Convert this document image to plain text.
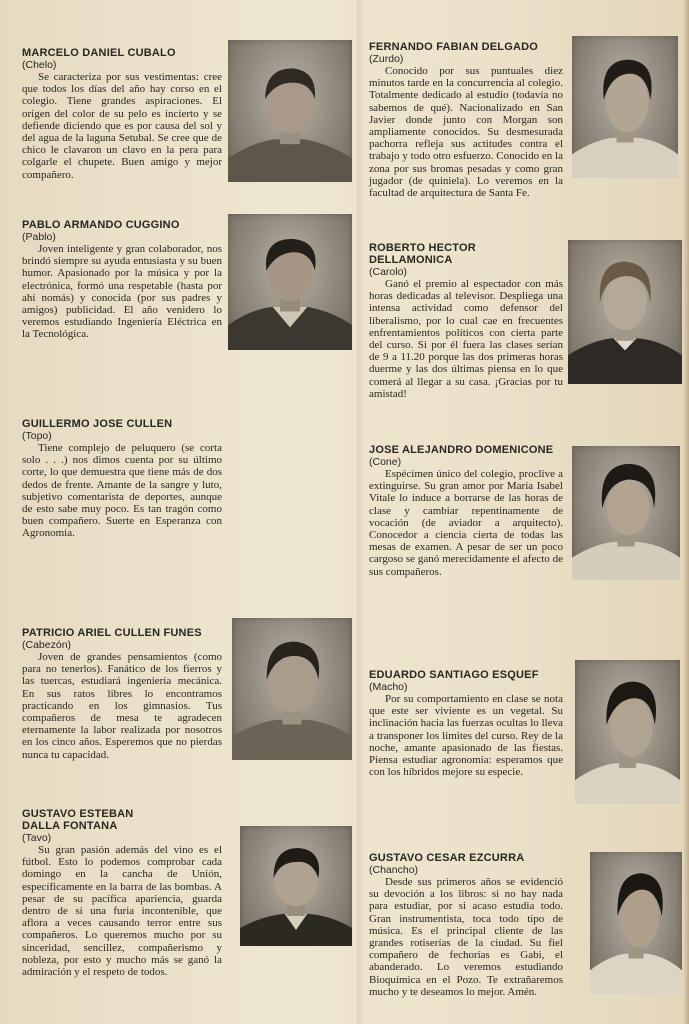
MARCELO DANIEL CUBALO
(Chelo)

Se caracteriza por sus vestimentas: cree que todos los días del año hay corso en el colegio. Tiene grandes aspiraciones. El origen del color de su pelo es incierto y se defiende diciendo que es por causa del sol y del agua de la laguna Setubal. Se cree que de chico le clavaron un clavo en la pera para colgarle el chupete. Buen amigo y mejor compañero.

PABLO ARMANDO CUGGINO
(Pablo)

Joven inteligente y gran colaborador, nos brindó siempre su ayuda entusiasta y su buen humor. Apasionado por la música y por la electrónica, formó una respetable (hasta por ahí nomás) y conocida (por sus padres y amigos) publicidad. El año venidero lo veremos estudiando Ingeniería Eléctrica en la Tecnológica.

GUILLERMO JOSE CULLEN
(Topo)

Tiene complejo de peluquero (se corta solo . . .) nos dimos cuenta por su último corte, lo que demuestra que tiene más de dos dedos de frente. Amante de la sangre y luto, subjetivo comentarista de deportes, aunque de esto sabe muy poco. Es tan tragón como buen compañero. Suerte en Esperanza con Agronomía.

PATRICIO ARIEL CULLEN FUNES
(Cabezón)

Joven de grandes pensamientos (como para no tenerlos). Fanático de los fierros y las tuercas, estudiará ingeniería mecánica. En sus ratos libres lo encontramos practicando en los gimnasios. Tus compañeros de mesa te agradecen eternamente la labor realizada por nosotros en los cinco años. Esperemos que no pierdas nunca tu capacidad.

GUSTAVO ESTEBAN
DALLA FONTANA
(Tavo)

Su gran pasión además del vino es el fútbol. Esto lo podemos comprobar cada domingo en la cancha de Unión, específicamente en la barra de las bombas. A pesar de su pacífica apariencia, guarda dentro de sí una furia incontenible, que aflora a veces causando terror entre sus compañeros. Lo queremos mucho por su sinceridad, sencillez, compañerismo y nobleza, por esto y mucho más se ganó la admiración y el respeto de todos.

FERNANDO FABIAN DELGADO
(Zurdo)

Conocido por sus puntuales diez minutos tarde en la concurrencia al colegio. Totalmente dedicado al estudio (todavía no sabemos de qué). Nacionalizado en San Javier donde junto con Morgan son ampliamente conocidos. Su desmesurada pachorra refleja sus actitudes contra el trabajo y todo otro esfuerzo. Conocido en la zona por sus bromas pesadas y como gran jugador (de quiniela). Lo veremos en la facultad de arquitectura de Santa Fe.

ROBERTO HECTOR
DELLAMONICA
(Carolo)

Ganó el premio al espectador con más horas dedicadas al televisor. Despliega una intensa actividad como defensor del liberalismo, por lo cual cae en frecuentes enfrentamientos políticos con cierta parte del curso. Si por él fuera las clases serían de 9 a 11.20 porque las dos primeras horas duerme y las dos últimas piensa en lo que comerá al llegar a su casa. ¡Gracias por tu amistad!

JOSE ALEJANDRO DOMENICONE
(Cone)

Espécimen único del colegio, proclive a extinguirse. Su gran amor por María Isabel Vitale lo induce a borrarse de las horas de clase y cambiar repentinamente de vocación (de aviador a arquitecto). Conocedor a ciencia cierta de todas las mesas de examen. A pesar de ser un poco cargoso se ganó merecidamente el afecto de sus compañeros.

EDUARDO SANTIAGO ESQUEF
(Macho)

Por su comportamiento en clase se nota que este ser viviente es un vegetal. Su inclinación hacia las fuerzas ocultas lo lleva a transponer los límites del curso. Rey de la noche, amante apasionado de las fiestas. Piensa estudiar agronomía: esperamos que con los híbridos mejore su especie.

GUSTAVO CESAR EZCURRA
(Chancho)

Desde sus primeros años se evidenció su devoción a los libros: si no hay nada para estudiar, por si acaso estudia todo. Gran instrumentista, toca todo tipo de música. Es el principal cliente de las grandes rotiserías de la ciudad. Su fiel compañero de fechorías es Gabi, el abanderado. Lo veremos estudiando Bioquímica en el Pozo. Te extrañaremos mucho y te deseamos lo mejor. Amén.
